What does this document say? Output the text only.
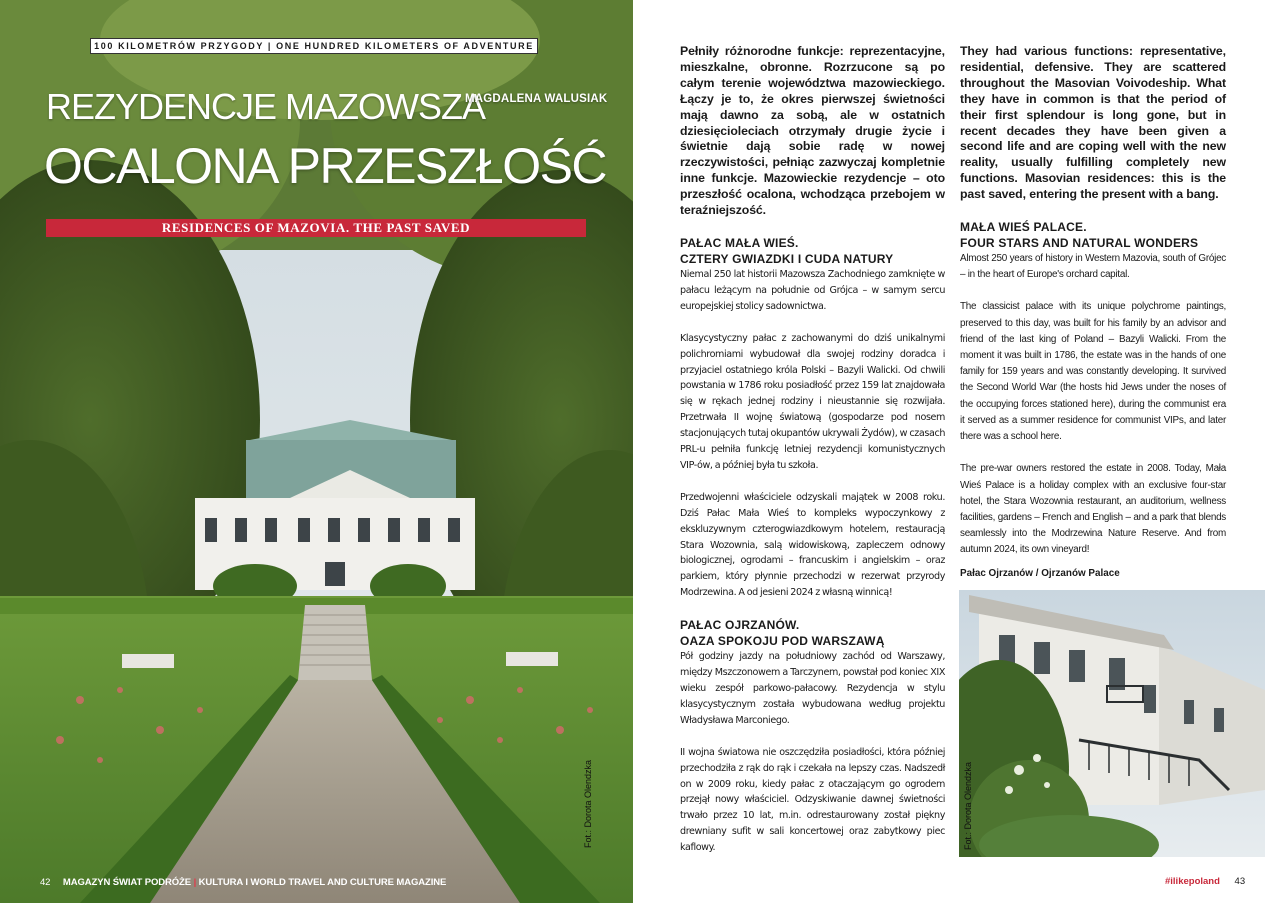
100 KILOMETRÓW PRZYGODY | ONE HUNDRED KILOMETERS OF ADVENTURE
REZYDENCJE MAZOWSZA
MAGDALENA WALUSIAK
OCALONA PRZESZŁOŚĆ
RESIDENCES OF MAZOVIA. THE PAST SAVED
Fot.: Dorota Olendzka
42 MAGAZYN ŚWIAT PODRÓŻE | KULTURA I WORLD TRAVEL AND CULTURE MAGAZINE

Pełniły różnorodne funkcje: reprezentacyjne, mieszkalne, obronne. Rozrzucone są po całym terenie województwa mazowieckiego. Łączy je to, że okres pierwszej świetności mają dawno za sobą, ale w ostatnich dziesięcioleciach otrzymały drugie życie i świetnie dają sobie radę w nowej rzeczywistości, pełniąc zazwyczaj kompletnie inne funkcje. Mazowieckie rezydencje – oto przeszłość ocalona, wchodząca przebojem w teraźniejszość.

PAŁAC MAŁA WIEŚ.
CZTERY GWIAZDKI I CUDA NATURY

Niemal 250 lat historii Mazowsza Zachodniego zamknięte w pałacu leżącym na południe od Grójca – w samym sercu europejskiej stolicy sadownictwa.

Klasycystyczny pałac z zachowanymi do dziś unikalnymi polichromiami wybudował dla swojej rodziny doradca i przyjaciel ostatniego króla Polski – Bazyli Walicki. Od chwili powstania w 1786 roku posiadłość przez 159 lat znajdowała się w rękach jednej rodziny i nieustannie się rozwijała. Przetrwała II wojnę światową (gospodarze pod nosem stacjonujących tutaj okupantów ukrywali Żydów), w czasach PRL-u pełniła funkcję letniej rezydencji komunistycznych VIP-ów, a później była tu szkoła.

Przedwojenni właściciele odzyskali majątek w 2008 roku. Dziś Pałac Mała Wieś to kompleks wypoczynkowy z ekskluzywnym czterogwiazdkowym hotelem, restauracją Stara Wozownia, salą widowiskową, zapleczem odnowy biologicznej, ogrodami – francuskim i angielskim – oraz parkiem, który płynnie przechodzi w rezerwat przyrody Modrzewina. A od jesieni 2024 z własną winnicą!

PAŁAC OJRZANÓW.
OAZA SPOKOJU POD WARSZAWĄ

Pół godziny jazdy na południowy zachód od Warszawy, między Mszczonowem a Tarczynem, powstał pod koniec XIX wieku zespół parkowo-pałacowy. Rezydencja w stylu klasycystycznym została wybudowana według projektu Władysława Marconiego.

II wojna światowa nie oszczędziła posiadłości, która później przechodziła z rąk do rąk i czekała na lepszy czas. Nadszedł on w 2009 roku, kiedy pałac z otaczającym go ogrodem przejął nowy właściciel. Odzyskiwanie dawnej świetności trwało przez 10 lat, m.in. odrestaurowany został piękny drewniany sufit w sali koncertowej oraz zabytkowy piec kaflowy.

They had various functions: representative, residential, defensive. They are scattered throughout the Masovian Voivodeship. What they have in common is that the period of their first splendour is long gone, but in recent decades they have been given a second life and are coping well with the new reality, usually fulfilling completely new functions. Masovian residences: this is the past saved, entering the present with a bang.

MAŁA WIEŚ PALACE.
FOUR STARS AND NATURAL WONDERS

Almost 250 years of history in Western Mazovia, south of Grójec – in the heart of Europe's orchard capital.

The classicist palace with its unique polychrome paintings, preserved to this day, was built for his family by an advisor and friend of the last king of Poland – Bazyli Walicki. From the moment it was built in 1786, the estate was in the hands of one family for 159 years and was constantly developing. It survived the Second World War (the hosts hid Jews under the noses of the occupying forces stationed here), during the communist era it served as a summer residence for communist VIPs, and later there was a school here.

The pre-war owners restored the estate in 2008. Today, Mała Wieś Palace is a holiday complex with an exclusive four-star hotel, the Stara Wozownia restaurant, an auditorium, wellness facilities, gardens – French and English – and a park that blends seamlessly into the Modrzewina Nature Reserve. And from autumn 2024, its own vineyard!

Pałac Ojrzanów / Ojrzanów Palace
Fot.: Dorota Olendzka
#ilikepoland 43
